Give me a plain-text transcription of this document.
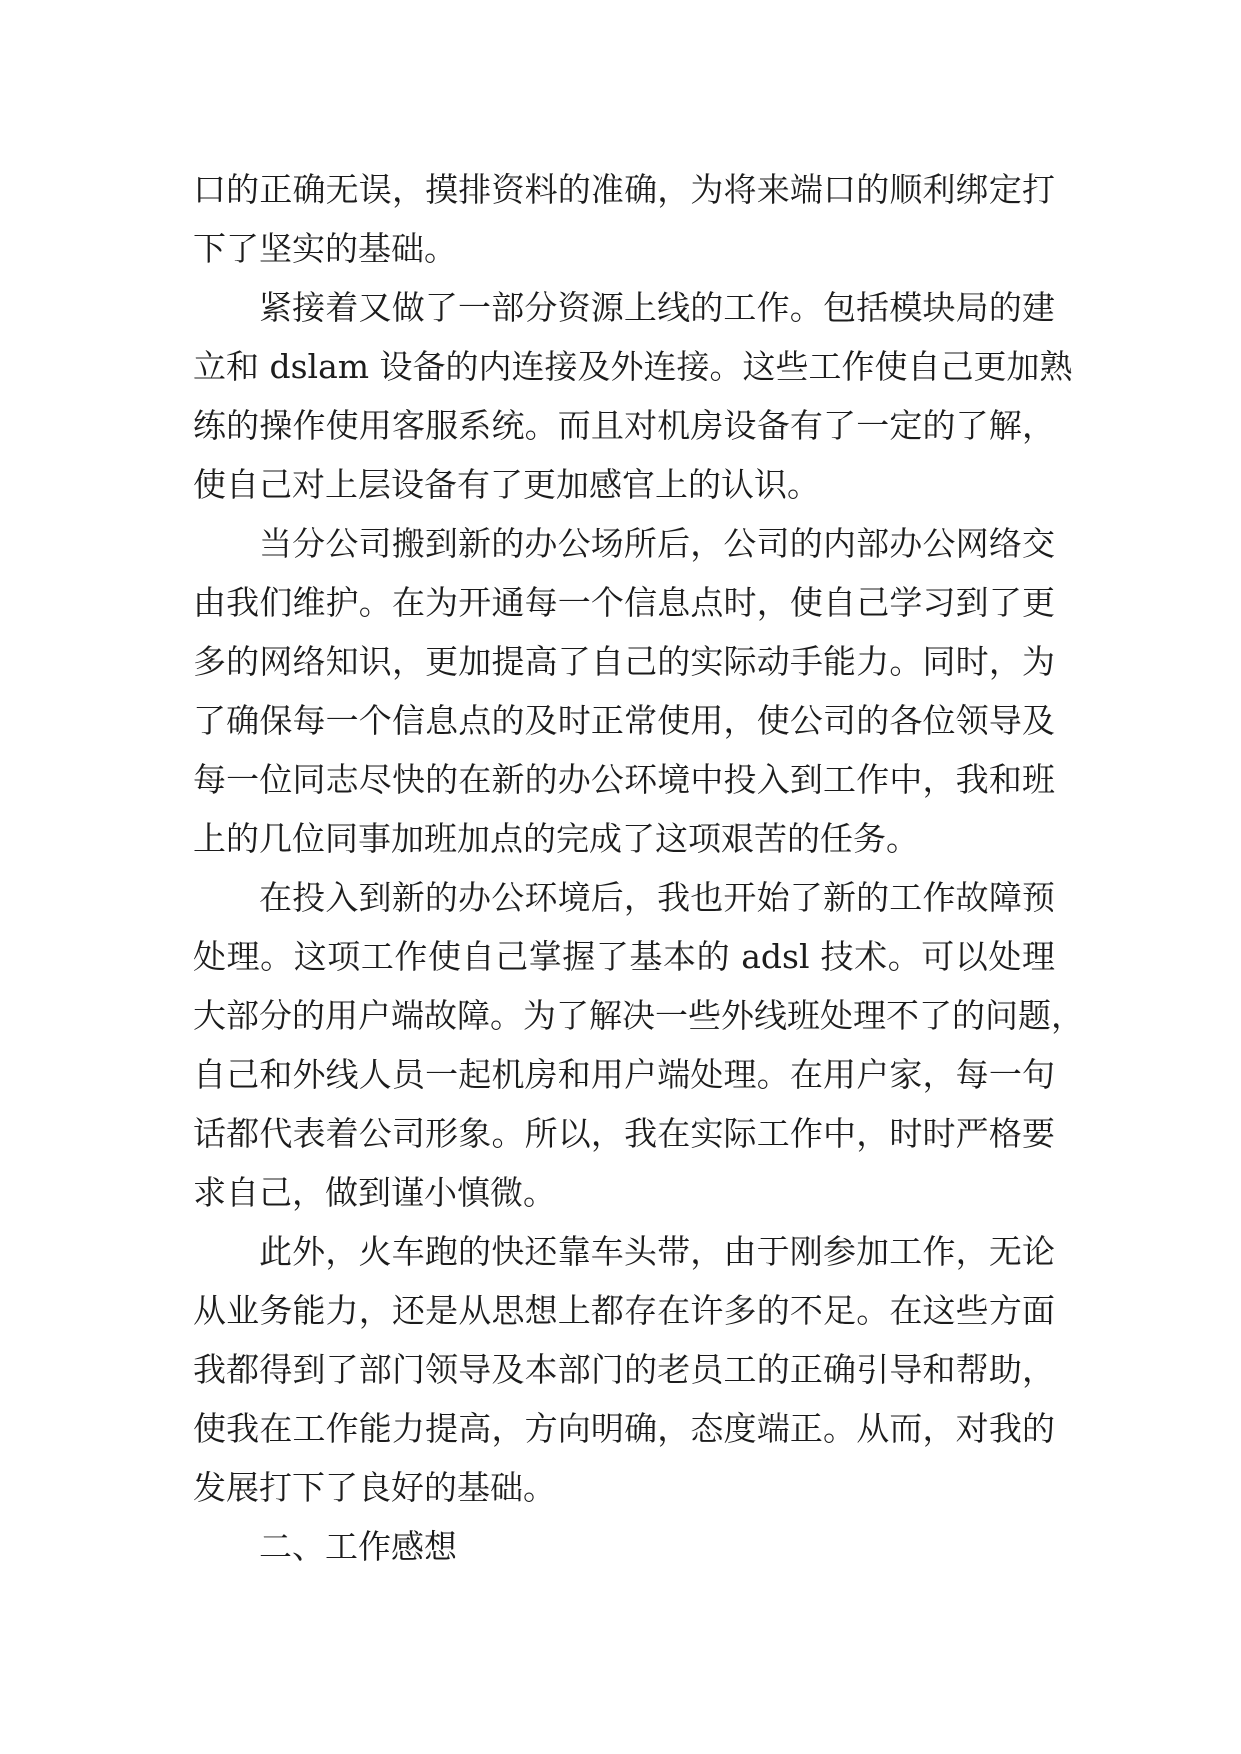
口的正确无误，摸排资料的准确，为将来端口的顺利绑定打
下了坚实的基础。
紧接着又做了一部分资源上线的工作。包括模块局的建
立和 dslam 设备的内连接及外连接。这些工作使自己更加熟
练的操作使用客服系统。而且对机房设备有了一定的了解，
使自己对上层设备有了更加感官上的认识。
当分公司搬到新的办公场所后，公司的内部办公网络交
由我们维护。在为开通每一个信息点时，使自己学习到了更
多的网络知识，更加提高了自己的实际动手能力。同时，为
了确保每一个信息点的及时正常使用，使公司的各位领导及
每一位同志尽快的在新的办公环境中投入到工作中，我和班
上的几位同事加班加点的完成了这项艰苦的任务。
在投入到新的办公环境后，我也开始了新的工作故障预
处理。这项工作使自己掌握了基本的 adsl 技术。可以处理
大部分的用户端故障。为了解决一些外线班处理不了的问题，
自己和外线人员一起机房和用户端处理。在用户家，每一句
话都代表着公司形象。所以，我在实际工作中，时时严格要
求自己，做到谨小慎微。
此外，火车跑的快还靠车头带，由于刚参加工作，无论
从业务能力，还是从思想上都存在许多的不足。在这些方面
我都得到了部门领导及本部门的老员工的正确引导和帮助，
使我在工作能力提高，方向明确，态度端正。从而，对我的
发展打下了良好的基础。
二、工作感想
